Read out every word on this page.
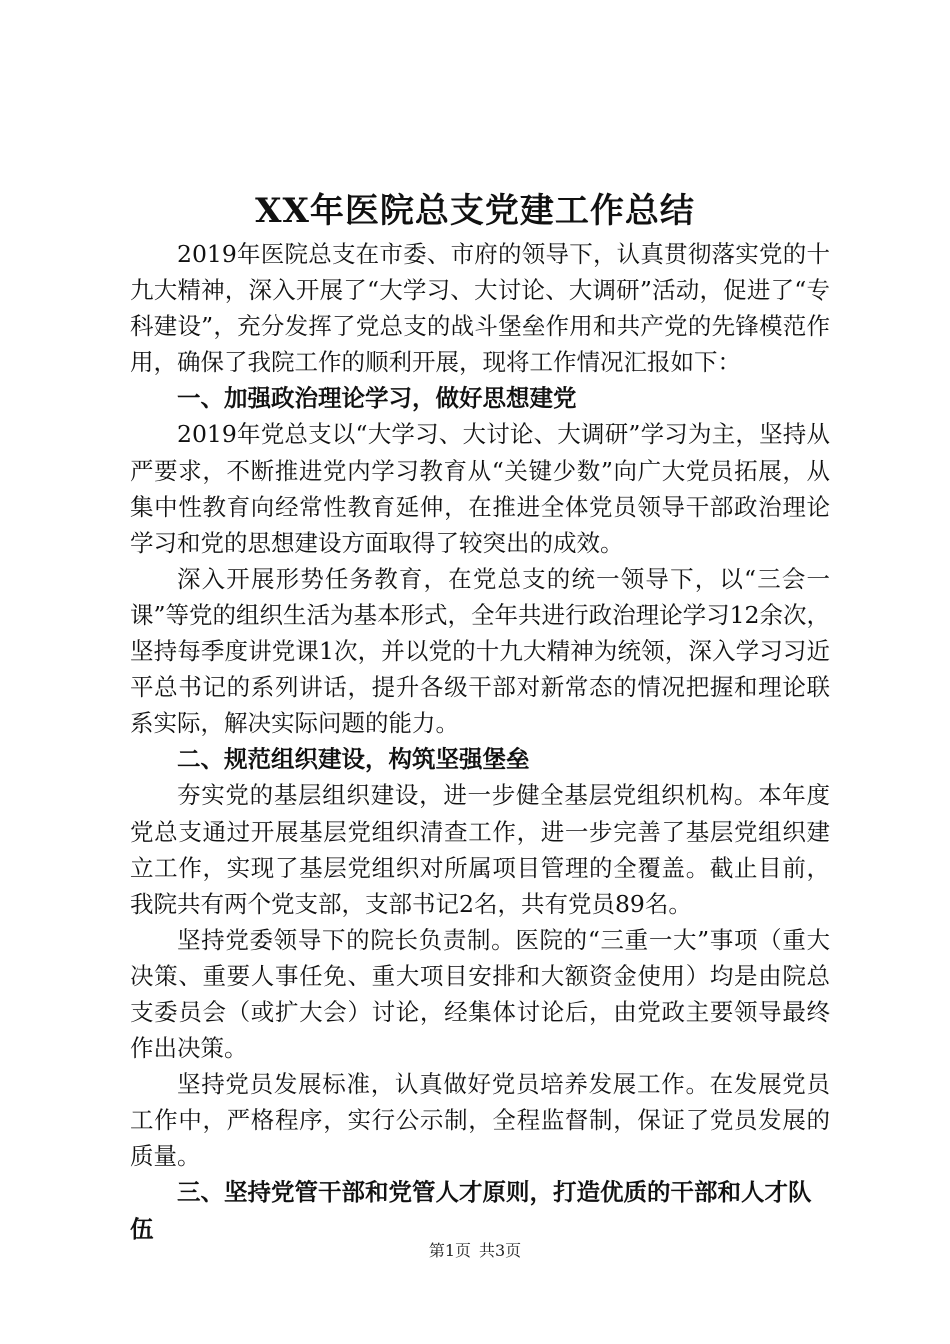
XX年医院总支党建工作总结

2019年医院总支在市委、市府的领导下，认真贯彻落实党的十九大精神，深入开展了“大学习、大讨论、大调研”活动，促进了“专科建设”，充分发挥了党总支的战斗堡垒作用和共产党的先锋模范作用，确保了我院工作的顺利开展，现将工作情况汇报如下：

一、加强政治理论学习，做好思想建党

2019年党总支以“大学习、大讨论、大调研”学习为主，坚持从严要求，不断推进党内学习教育从“关键少数”向广大党员拓展，从集中性教育向经常性教育延伸，在推进全体党员领导干部政治理论学习和党的思想建设方面取得了较突出的成效。

深入开展形势任务教育，在党总支的统一领导下，以“三会一课”等党的组织生活为基本形式，全年共进行政治理论学习12余次，坚持每季度讲党课1次，并以党的十九大精神为统领，深入学习习近平总书记的系列讲话，提升各级干部对新常态的情况把握和理论联系实际，解决实际问题的能力。

二、规范组织建设，构筑坚强堡垒

夯实党的基层组织建设，进一步健全基层党组织机构。本年度党总支通过开展基层党组织清查工作，进一步完善了基层党组织建立工作，实现了基层党组织对所属项目管理的全覆盖。截止目前，我院共有两个党支部，支部书记2名，共有党员89名。

坚持党委领导下的院长负责制。医院的“三重一大”事项（重大决策、重要人事任免、重大项目安排和大额资金使用）均是由院总支委员会（或扩大会）讨论，经集体讨论后，由党政主要领导最终作出决策。

坚持党员发展标准，认真做好党员培养发展工作。在发展党员工作中，严格程序，实行公示制，全程监督制，保证了党员发展的质量。

三、坚持党管干部和党管人才原则，打造优质的干部和人才队伍

第1页 共3页
